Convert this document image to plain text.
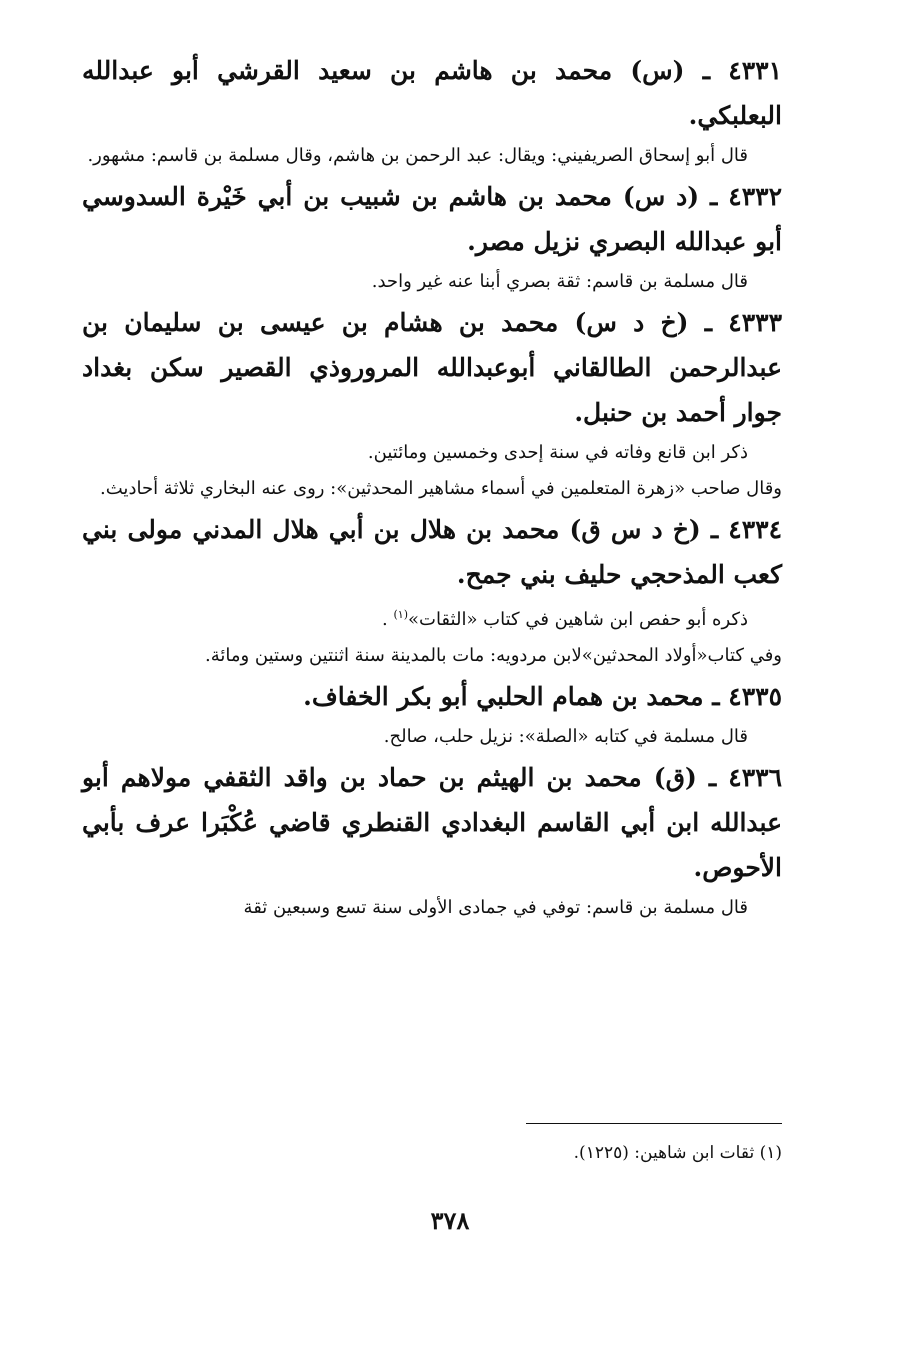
٤٣٣١ ـ (س) محمد بن هاشم بن سعيد القرشي أبو عبدالله البعلبكي.
قال أبو إسحاق الصريفيني: ويقال: عبد الرحمن بن هاشم، وقال مسلمة بن قاسم: مشهور.
٤٣٣٢ ـ (د س) محمد بن هاشم بن شبيب بن أبي خَيْرة السدوسي أبو عبدالله البصري نزيل مصر.
قال مسلمة بن قاسم: ثقة بصري أبنا عنه غير واحد.
٤٣٣٣ ـ (خ د س) محمد بن هشام بن عيسى بن سليمان بن عبدالرحمن الطالقاني أبوعبدالله المروروذي القصير سكن بغداد جوار أحمد بن حنبل.
ذكر ابن قانع وفاته في سنة إحدى وخمسين ومائتين.
وقال صاحب «زهرة المتعلمين في أسماء مشاهير المحدثين»: روى عنه البخاري ثلاثة أحاديث.
٤٣٣٤ ـ (خ د س ق) محمد بن هلال بن أبي هلال المدني مولى بني كعب المذحجي حليف بني جمح.
ذكره أبو حفص ابن شاهين في كتاب «الثقات»$^{(١)}$ .
وفي كتاب«أولاد المحدثين»لابن مردويه: مات بالمدينة سنة اثنتين وستين ومائة.
٤٣٣٥ ـ محمد بن همام الحلبي أبو بكر الخفاف.
قال مسلمة في كتابه «الصلة»: نزيل حلب، صالح.
٤٣٣٦ ـ (ق) محمد بن الهيثم بن حماد بن واقد الثقفي مولاهم أبو عبدالله ابن أبي القاسم البغدادي القنطري قاضي عُكْبَرا عرف بأبي الأحوص.
قال مسلمة بن قاسم: توفي في جمادى الأولى سنة تسع وسبعين ثقة
(١) ثقات ابن شاهين: (١٢٢٥).
٣٧٨
